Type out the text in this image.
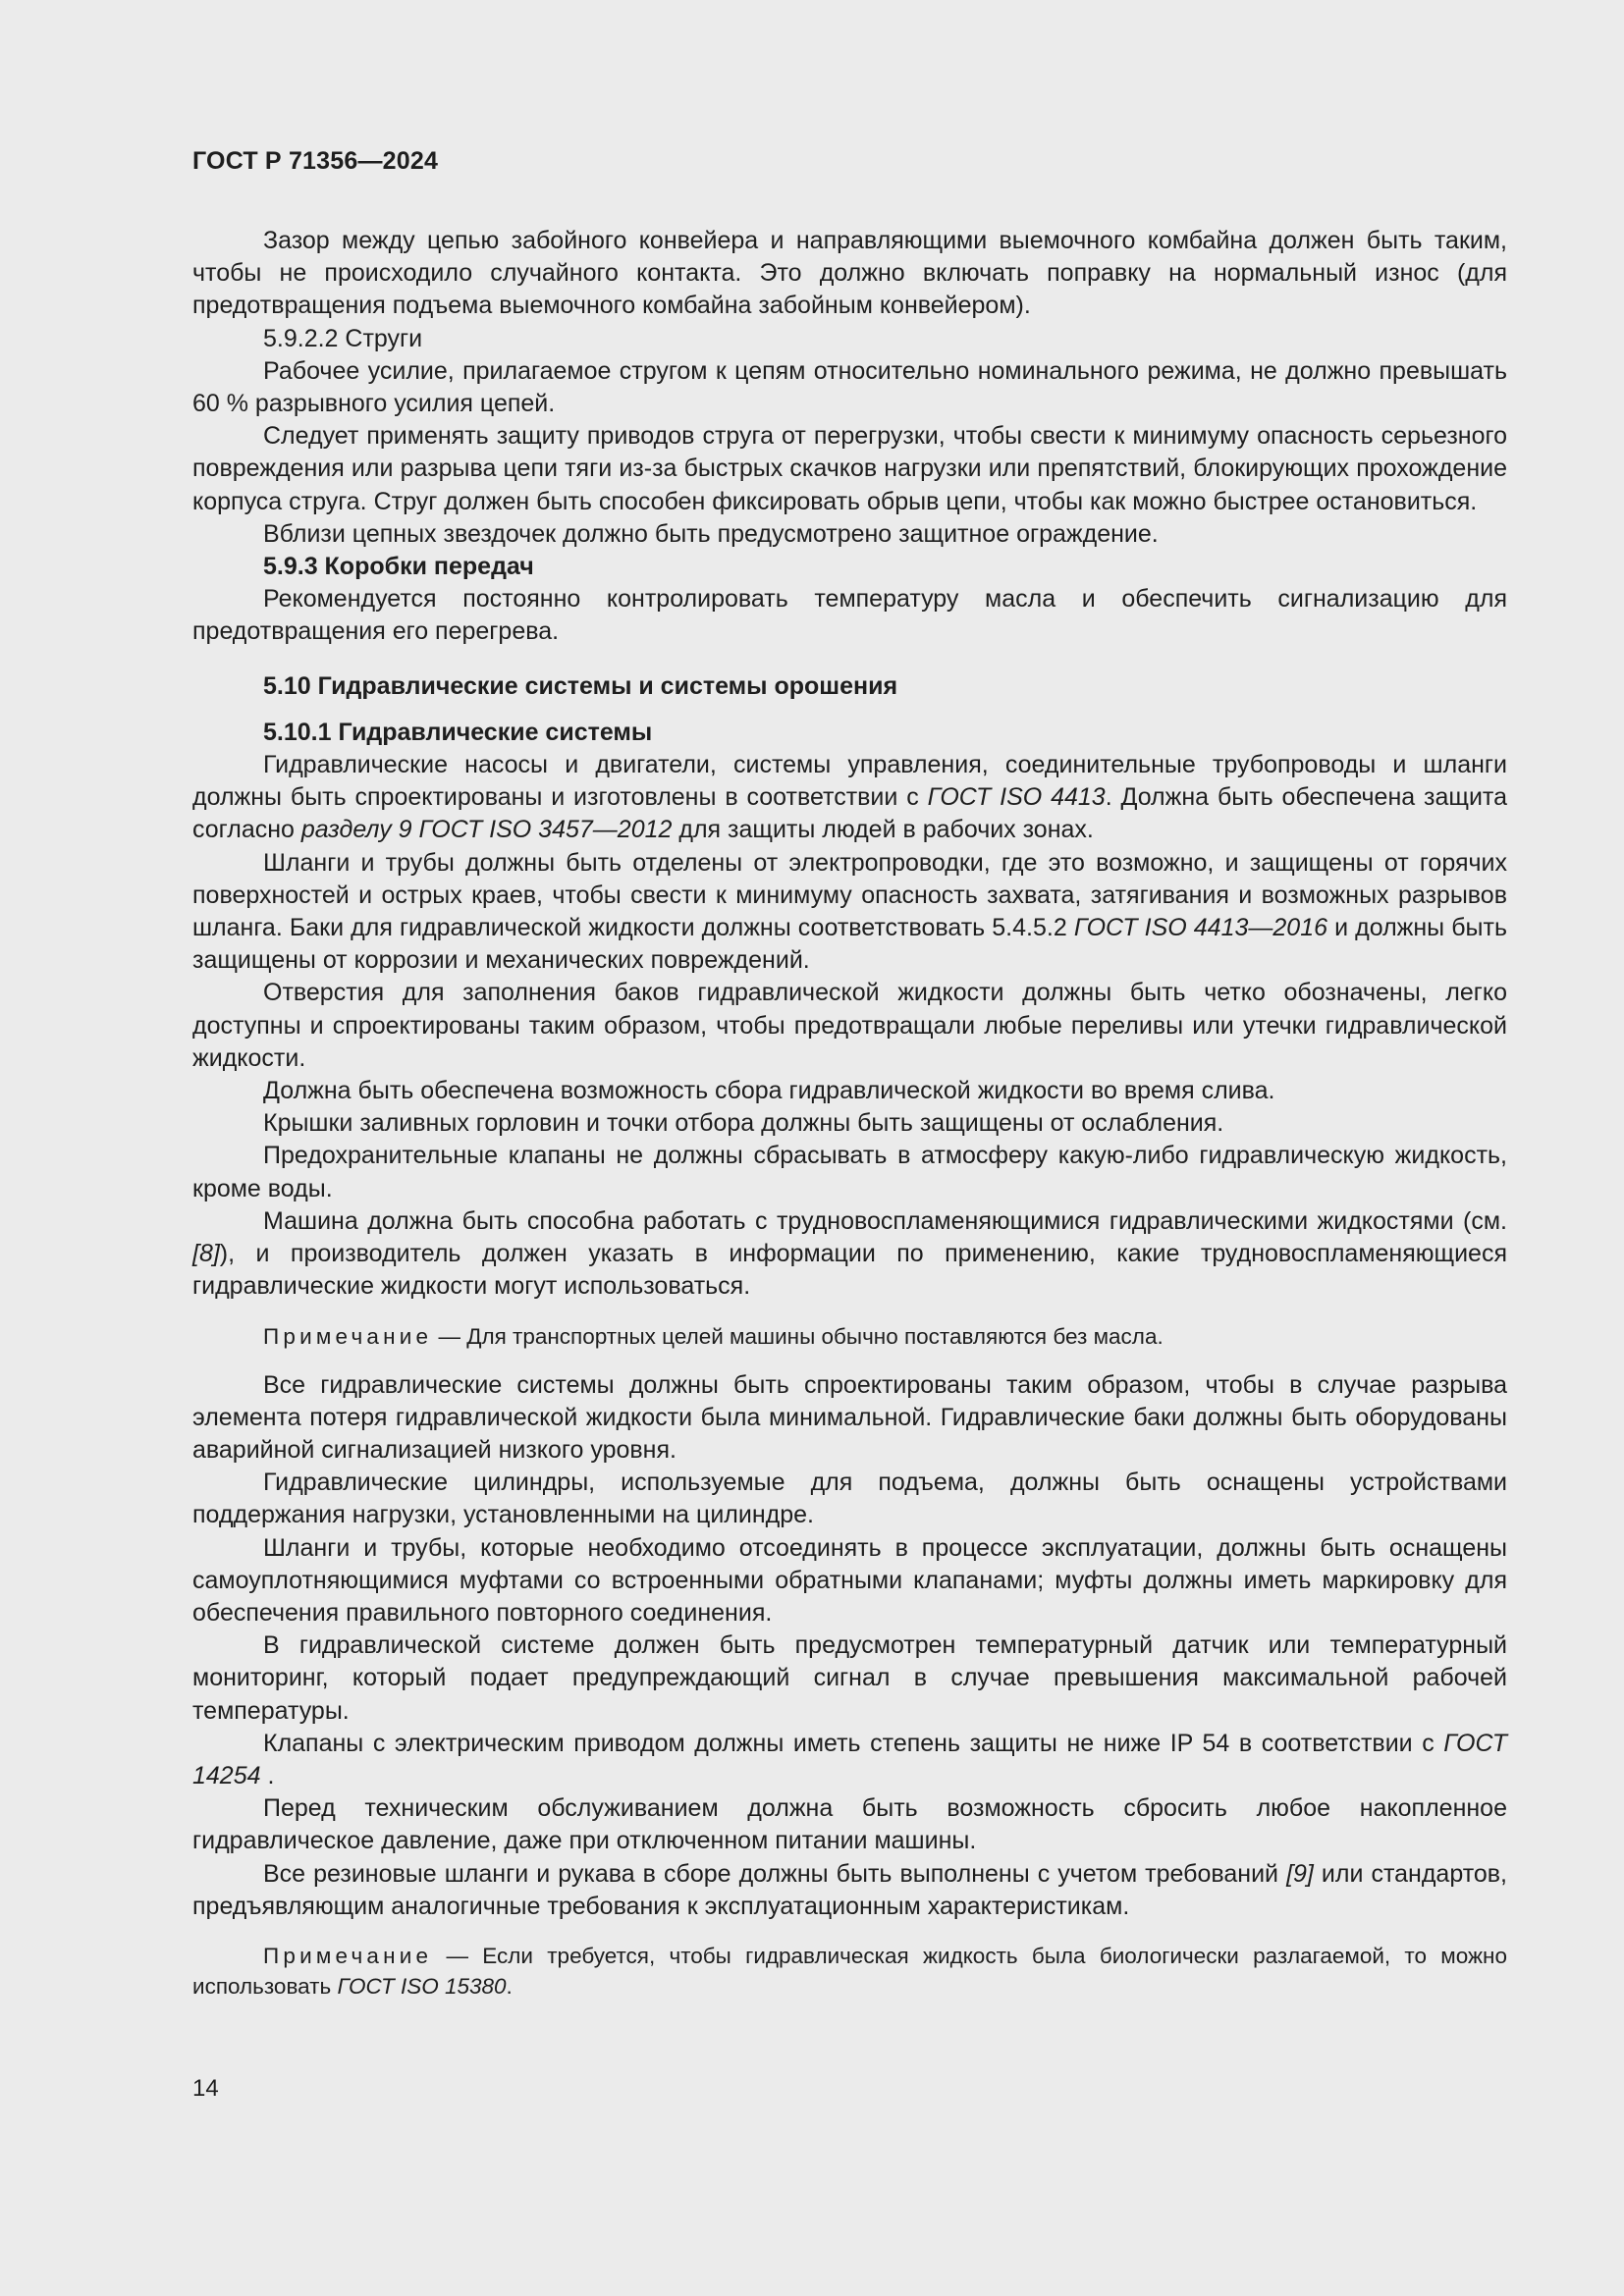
ГОСТ Р 71356—2024

Зазор между цепью забойного конвейера и направляющими выемочного комбайна должен быть таким, чтобы не происходило случайного контакта. Это должно включать поправку на нормальный износ (для предотвращения подъема выемочного комбайна забойным конвейером).

5.9.2.2 Струги

Рабочее усилие, прилагаемое стругом к цепям относительно номинального режима, не должно превышать 60 % разрывного усилия цепей.

Следует применять защиту приводов струга от перегрузки, чтобы свести к минимуму опасность серьезного повреждения или разрыва цепи тяги из-за быстрых скачков нагрузки или препятствий, блокирующих прохождение корпуса струга. Струг должен быть способен фиксировать обрыв цепи, чтобы как можно быстрее остановиться.

Вблизи цепных звездочек должно быть предусмотрено защитное ограждение.

5.9.3 Коробки передач

Рекомендуется постоянно контролировать температуру масла и обеспечить сигнализацию для предотвращения его перегрева.

5.10 Гидравлические системы и системы орошения

5.10.1 Гидравлические системы

Гидравлические насосы и двигатели, системы управления, соединительные трубопроводы и шланги должны быть спроектированы и изготовлены в соответствии с ГОСТ ISO 4413. Должна быть обеспечена защита согласно разделу 9 ГОСТ ISO 3457—2012 для защиты людей в рабочих зонах.

Шланги и трубы должны быть отделены от электропроводки, где это возможно, и защищены от горячих поверхностей и острых краев, чтобы свести к минимуму опасность захвата, затягивания и возможных разрывов шланга. Баки для гидравлической жидкости должны соответствовать 5.4.5.2 ГОСТ ISO 4413—2016 и должны быть защищены от коррозии и механических повреждений.

Отверстия для заполнения баков гидравлической жидкости должны быть четко обозначены, легко доступны и спроектированы таким образом, чтобы предотвращали любые переливы или утечки гидравлической жидкости.

Должна быть обеспечена возможность сбора гидравлической жидкости во время слива.

Крышки заливных горловин и точки отбора должны быть защищены от ослабления.

Предохранительные клапаны не должны сбрасывать в атмосферу какую-либо гидравлическую жидкость, кроме воды.

Машина должна быть способна работать с трудновоспламеняющимися гидравлическими жидкостями (см. [8]), и производитель должен указать в информации по применению, какие трудновоспламеняющиеся гидравлические жидкости могут использоваться.

Примечание — Для транспортных целей машины обычно поставляются без масла.

Все гидравлические системы должны быть спроектированы таким образом, чтобы в случае разрыва элемента потеря гидравлической жидкости была минимальной. Гидравлические баки должны быть оборудованы аварийной сигнализацией низкого уровня.

Гидравлические цилиндры, используемые для подъема, должны быть оснащены устройствами поддержания нагрузки, установленными на цилиндре.

Шланги и трубы, которые необходимо отсоединять в процессе эксплуатации, должны быть оснащены самоуплотняющимися муфтами со встроенными обратными клапанами; муфты должны иметь маркировку для обеспечения правильного повторного соединения.

В гидравлической системе должен быть предусмотрен температурный датчик или температурный мониторинг, который подает предупреждающий сигнал в случае превышения максимальной рабочей температуры.

Клапаны с электрическим приводом должны иметь степень защиты не ниже IP 54 в соответствии с ГОСТ 14254 .

Перед техническим обслуживанием должна быть возможность сбросить любое накопленное гидравлическое давление, даже при отключенном питании машины.

Все резиновые шланги и рукава в сборе должны быть выполнены с учетом требований [9] или стандартов, предъявляющим аналогичные требования к эксплуатационным характеристикам.

Примечание — Если требуется, чтобы гидравлическая жидкость была биологически разлагаемой, то можно использовать ГОСТ ISO 15380.

14
